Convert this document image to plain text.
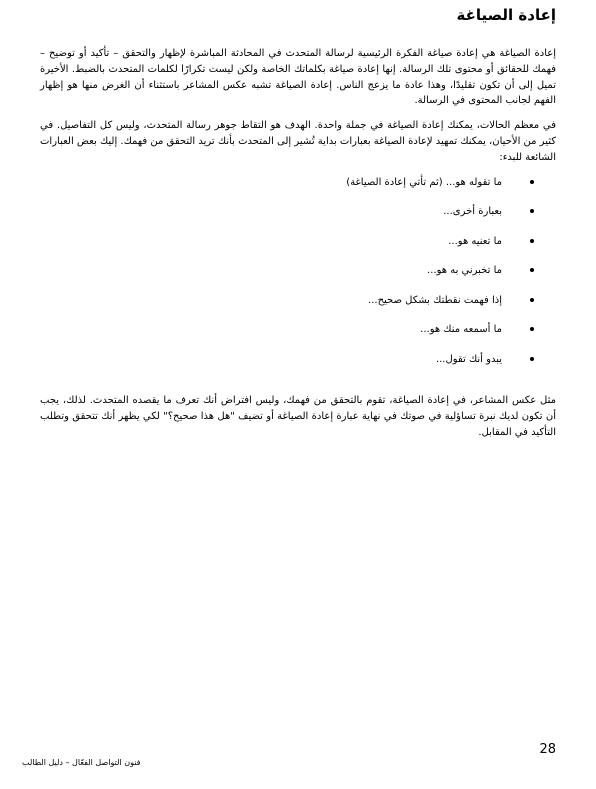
إعادة الصياغة

إعادة الصياغة هي إعادة صياغة الفكرة الرئيسية لرسالة المتحدث في المحادثة المباشرة لإظهار والتحقق – تأكيد أو توضيح – فهمك للحقائق أو محتوى تلك الرسالة. إنها إعادة صياغة بكلماتك الخاصة ولكن ليست تكرارًا لكلمات المتحدث بالضبط. الأخيرة تميل إلى أن تكون تقليدًا، وهذا عادة ما يزعج الناس. إعادة الصياغة تشبه عكس المشاعر باستثناء أن الغرض منها هو إظهار الفهم لجانب المحتوى في الرسالة.

في معظم الحالات، يمكنك إعادة الصياغة في جملة واحدة. الهدف هو التقاط جوهر رسالة المتحدث، وليس كل التفاصيل. في كثير من الأحيان، يمكنك تمهيد لإعادة الصياغة بعبارات بداية تُشير إلى المتحدث بأنك تريد التحقق من فهمك. إليك بعض العبارات الشائعة للبدء:

ما تقوله هو... (ثم تأتي إعادة الصياغة)
بعبارة أخرى...
ما تعنيه هو...
ما تخبرني به هو...
إذا فهمت نقطتك بشكل صحيح...
ما أسمعه منك هو...
يبدو أنك تقول...

مثل عكس المشاعر، في إعادة الصياغة، تقوم بالتحقق من فهمك، وليس افتراض أنك تعرف ما يقصده المتحدث. لذلك، يجب أن تكون لديك نبرة تساؤلية في صوتك في نهاية عبارة إعادة الصياغة أو تضيف "هل هذا صحيح؟" لكي يظهر أنك تتحقق وتطلب التأكيد في المقابل.

28
فنون التواصل الفعّال – دليل الطالب
